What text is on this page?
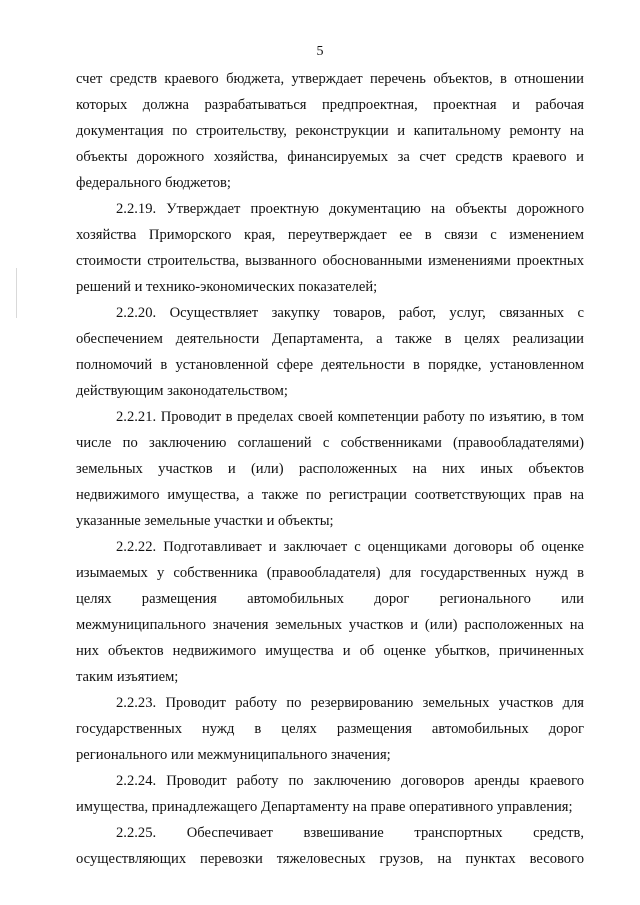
5
счет средств краевого бюджета, утверждает перечень объектов, в отношении
которых должна разрабатываться предпроектная, проектная и рабочая
документация по строительству, реконструкции и капитальному ремонту на
объекты дорожного хозяйства, финансируемых за счет средств краевого и
федерального бюджетов;
2.2.19. Утверждает проектную документацию на объекты дорожного
хозяйства Приморского края, переутверждает ее в связи с изменением
стоимости строительства, вызванного обоснованными изменениями проектных
решений и технико-экономических показателей;
2.2.20. Осуществляет закупку товаров, работ, услуг, связанных с
обеспечением деятельности Департамента, а также в целях реализации
полномочий в установленной сфере деятельности в порядке, установленном
действующим законодательством;
2.2.21. Проводит в пределах своей компетенции работу по изъятию, в том
числе по заключению соглашений с собственниками (правообладателями)
земельных участков и (или) расположенных на них иных объектов
недвижимого имущества, а также по регистрации соответствующих прав на
указанные земельные участки и объекты;
2.2.22. Подготавливает и заключает с оценщиками договоры об оценке
изымаемых у собственника (правообладателя) для государственных нужд в
целях размещения автомобильных дорог регионального или
межмуниципального значения земельных участков и (или) расположенных на
них объектов недвижимого имущества и об оценке убытков, причиненных
таким изъятием;
2.2.23. Проводит работу по резервированию земельных участков для
государственных нужд в целях размещения автомобильных дорог
регионального или межмуниципального значения;
2.2.24. Проводит работу по заключению договоров аренды краевого
имущества, принадлежащего Департаменту на праве оперативного управления;
2.2.25. Обеспечивает взвешивание транспортных средств,
осуществляющих перевозки тяжеловесных грузов, на пунктах весового
